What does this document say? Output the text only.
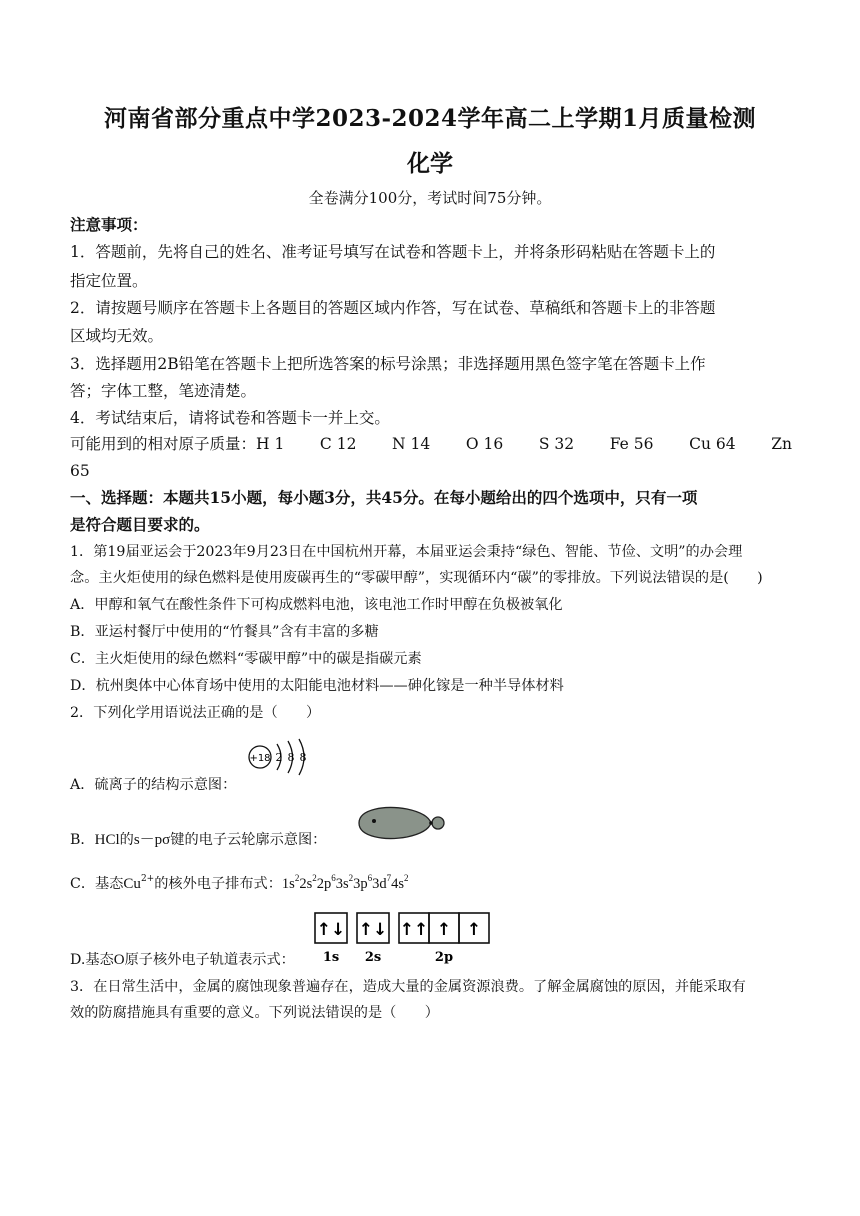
河南省部分重点中学2023-2024学年高二上学期1月质量检测
化学
全卷满分100分，考试时间75分钟。
注意事项：
1．答题前，先将自己的姓名、准考证号填写在试卷和答题卡上，并将条形码粘贴在答题卡上的
指定位置。
2．请按题号顺序在答题卡上各题目的答题区域内作答，写在试卷、草稿纸和答题卡上的非答题
区域均无效。
3．选择题用2B铅笔在答题卡上把所选答案的标号涂黑；非选择题用黑色签字笔在答题卡上作
答；字体工整，笔迹清楚。
4．考试结束后，请将试卷和答题卡一并上交。
可能用到的相对原子质量：H 1 C 12 N 14 O 16 S 32 Fe 56 Cu 64 Zn
65
一、选择题：本题共15小题，每小题3分，共45分。在每小题给出的四个选项中，只有一项
是符合题目要求的。
1．第19届亚运会于2023年9月23日在中国杭州开幕，本届亚运会秉持“绿色、智能、节俭、文明”的办会理
念。主火炬使用的绿色燃料是使用废碳再生的“零碳甲醇”，实现循环内“碳”的零排放。下列说法错误的是(　　)
A．甲醇和氧气在酸性条件下可构成燃料电池，该电池工作时甲醇在负极被氧化
B．亚运村餐厅中使用的“竹餐具”含有丰富的多糖
C．主火炬使用的绿色燃料“零碳甲醇”中的碳是指碳元素
D．杭州奥体中心体育场中使用的太阳能电池材料——砷化镓是一种半导体材料
2．下列化学用语说法正确的是（　　）
+18 2 8 8
A．硫离子的结构示意图：
B．HCl的s－pσ键的电子云轮廓示意图：
C．基态$Cu^{2+}$的核外电子排布式：$1s^22s^22p^63s^23p^63d^74s^2$
↑↓ ↑↓ ↑↑ ↑ ↑
1s 2s	2p
D.基态O原子核外电子轨道表示式：
3．在日常生活中，金属的腐蚀现象普遍存在，造成大量的金属资源浪费。了解金属腐蚀的原因，并能采取有
效的防腐措施具有重要的意义。下列说法错误的是（　　）
